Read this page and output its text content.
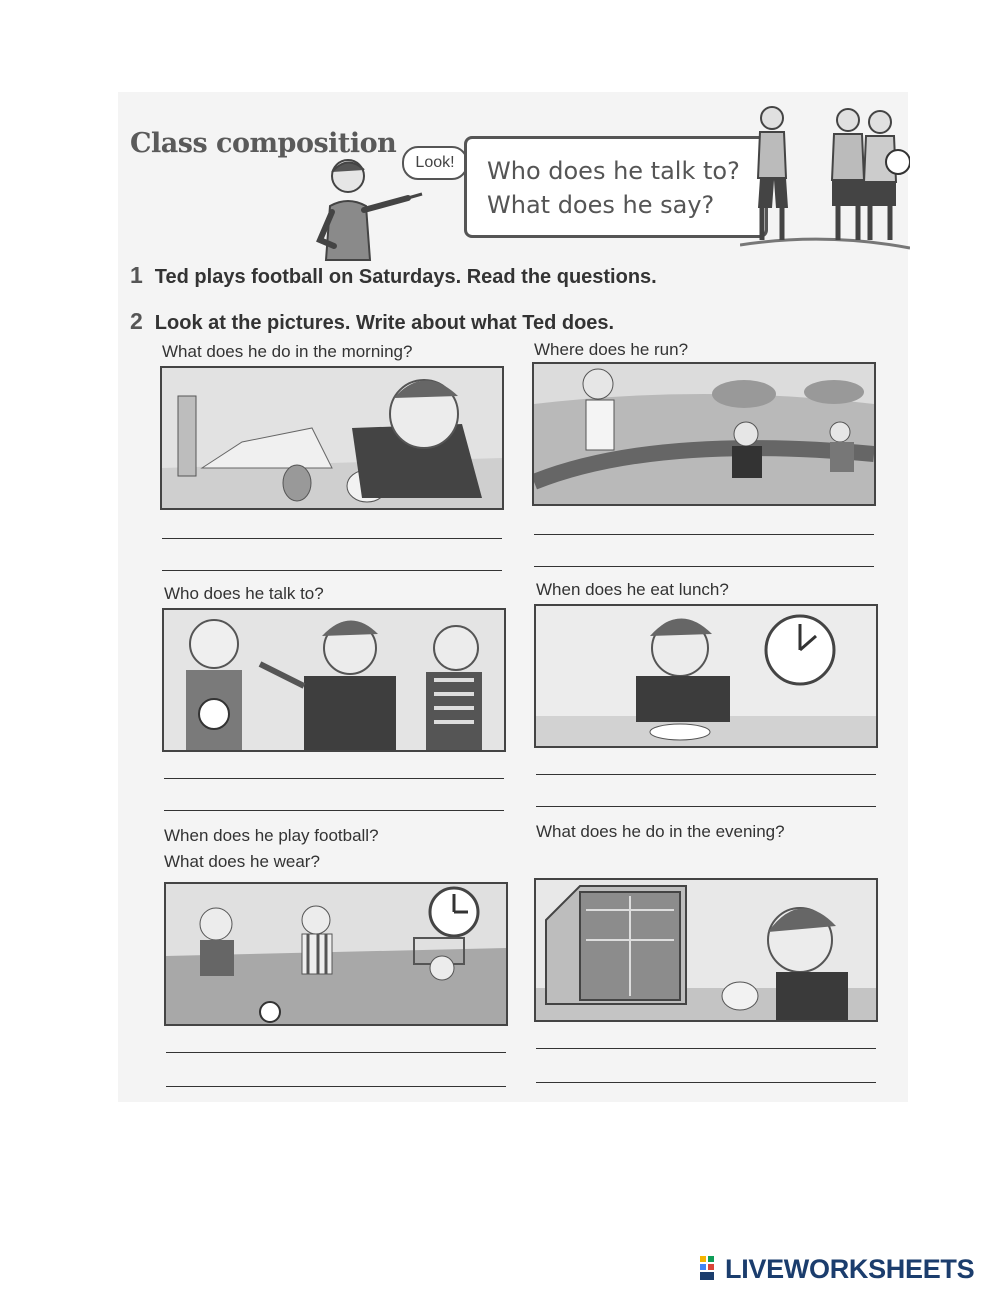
Class composition
Look!	Who does he talk to?
What does he say?
1 Ted plays football on Saturdays. Read the questions.
2 Look at the pictures. Write about what Ted does.
What does he do in the morning?	Where does he run?
Who does he talk to?	When does he eat lunch?
When does he play football?
What does he wear?
What does he do in the evening?
LIVEWORKSHEETS
